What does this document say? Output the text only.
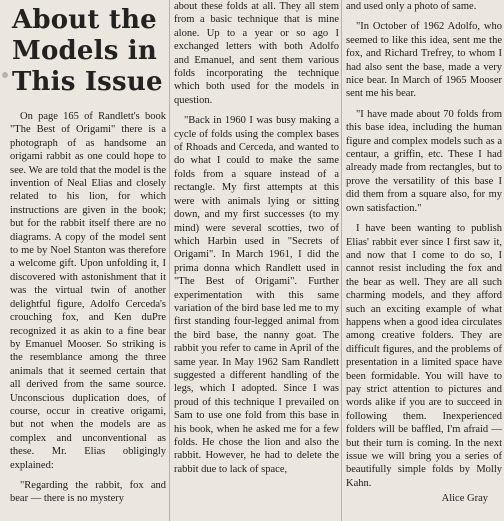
About the
Models in
This Issue

On page 165 of Randlett's book "The Best of Origami" there is a photograph of as handsome an origami rabbit as one could hope to see. We are told that the model is the invention of Neal Elias and closely related to his lion, for which instructions are given in the book; but for the rabbit itself there are no diagrams. A copy of the model sent to me by Noel Stanton was therefore a welcome gift. Upon unfolding it, I discovered with astonishment that it was the virtual twin of another delightful figure, Adolfo Cerceda's crouching fox, and Ken duPre recognized it as akin to a fine bear by Emanuel Mooser. So striking is the resemblance among the three animals that it seemed certain that all derived from the same source. Unconscious duplication does, of course, occur in creative origami, but not when the models are as complex and unconventional as these. Mr. Elias obligingly explained:

"Regarding the rabbit, fox and bear — there is no mystery

about these folds at all. They all stem from a basic technique that is mine alone. Up to a year or so ago I exchanged letters with both Adolfo and Emanuel, and sent them various folds incorporating the technique which both used for the models in question.

"Back in 1960 I was busy making a cycle of folds using the complex bases of Rhoads and Cerceda, and wanted to do what I could to make the same folds from a square instead of a rectangle. My first attempts at this were with animals lying or sitting down, and my first successes (to my mind) were several scotties, two of which Harbin used in "Secrets of Origami". In March 1961, I did the prima donna which Randlett used in "The Best of Origami". Further experimentation with this same variation of the bird base led me to my first standing four-legged animal from the bird base, the nanny goat. The rabbit you refer to came in April of the same year. In May 1962 Sam Randlett suggested a different handling of the legs, which I adopted. Since I was proud of this technique I prevailed on Sam to use one fold from this base in his book, when he asked me for a few folds. He chose the lion and also the rabbit. However, he had to delete the rabbit due to lack of space,

and used only a photo of same.

"In October of 1962 Adolfo, who seemed to like this idea, sent me the fox, and Richard Trefrey, to whom I had also sent the base, made a very nice bear. In March of 1965 Mooser sent me his bear.

"I have made about 70 folds from this base idea, including the human figure and complex models such as a centaur, a griffin, etc. These I had already made from rectangles, but to prove the versatility of this base I did them from a square also, for my own satisfaction."

I have been wanting to publish Elias' rabbit ever since I first saw it, and now that I come to do so, I cannot resist including the fox and the bear as well. They are all such charming models, and they afford such an exciting example of what happens when a good idea circulates among creative folders. They are difficult figures, and the problems of presentation in a limited space have been formidable. You will have to pay strict attention to pictures and words alike if you are to succeed in following them. Inexperienced folders will be baffled, I'm afraid — but their turn is coming. In the next issue we will bring you a series of beautifully simple folds by Molly Kahn.

Alice Gray
